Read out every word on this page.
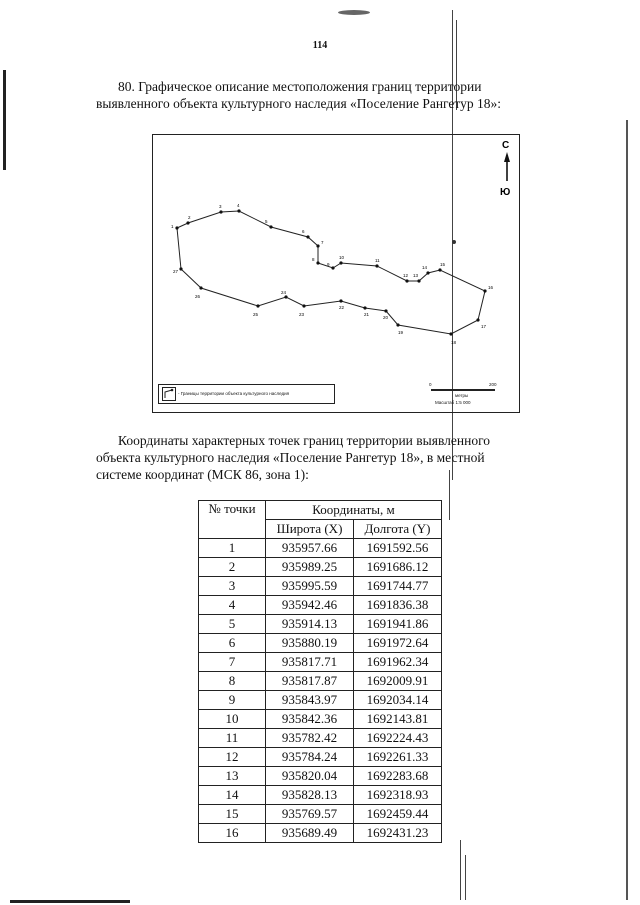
114
80. Графическое описание местоположения границ территории
выявленного объекта культурного наследия «Поселение Рангетур 18»:
С
Ю
1
2
3	4
5
6
7
8
9
10
11
12 13
14
15
16
17
18
19
20
21
22
23
24
25
26
27
- Границы территории объекта культурного наследия
0	200
метры
Масштаб 1:5 000
Координаты характерных точек границ территории выявленного
объекта культурного наследия «Поселение Рангетур 18», в местной
системе координат (МСК 86, зона 1):
№ точки	Координаты, м	
	Широта (X)	Долгота (Y)
1	935957.66	1691592.56
2	935989.25	1691686.12
3	935995.59	1691744.77
4	935942.46	1691836.38
5	935914.13	1691941.86
6	935880.19	1691972.64
7	935817.71	1691962.34
8	935817.87	1692009.91
9	935843.97	1692034.14
10	935842.36	1692143.81
11	935782.42	1692224.43
12	935784.24	1692261.33
13	935820.04	1692283.68
14	935828.13	1692318.93
15	935769.57	1692459.44
16	935689.49	1692431.23
